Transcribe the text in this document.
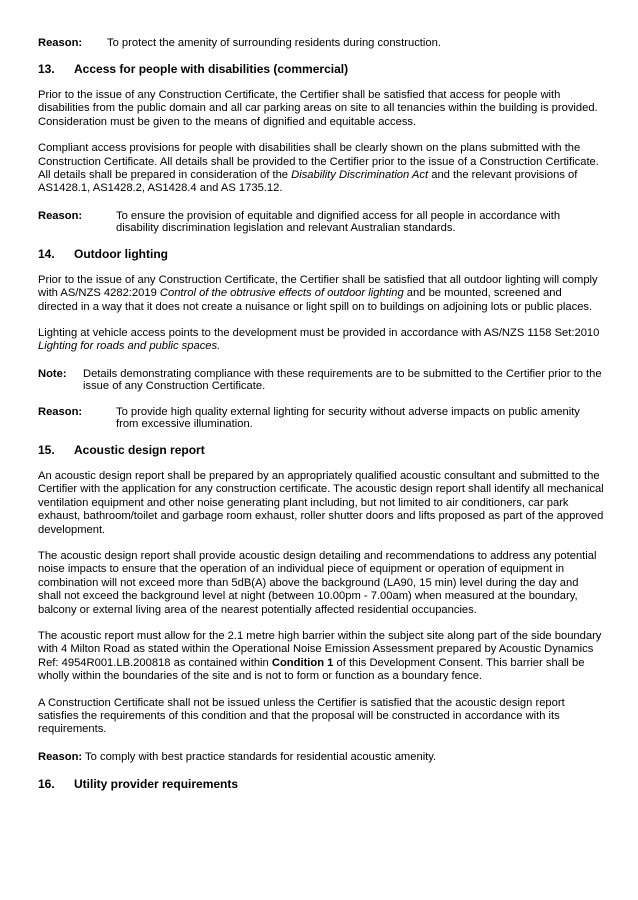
Reason:	To protect the amenity of surrounding residents during construction.
13.	Access for people with disabilities (commercial)

Prior to the issue of any Construction Certificate, the Certifier shall be satisfied that access for people with disabilities from the public domain and all car parking areas on site to all tenancies within the building is provided. Consideration must be given to the means of dignified and equitable access.

Compliant access provisions for people with disabilities shall be clearly shown on the plans submitted with the Construction Certificate. All details shall be provided to the Certifier prior to the issue of a Construction Certificate. All details shall be prepared in consideration of the Disability Discrimination Act and the relevant provisions of AS1428.1, AS1428.2, AS1428.4 and AS 1735.12.

Reason:	To ensure the provision of equitable and dignified access for all people in accordance with disability discrimination legislation and relevant Australian standards.
14.	Outdoor lighting

Prior to the issue of any Construction Certificate, the Certifier shall be satisfied that all outdoor lighting will comply with AS/NZS 4282:2019 Control of the obtrusive effects of outdoor lighting and be mounted, screened and directed in a way that it does not create a nuisance or light spill on to buildings on adjoining lots or public places.

Lighting at vehicle access points to the development must be provided in accordance with AS/NZS 1158 Set:2010 Lighting for roads and public spaces.

Note:	Details demonstrating compliance with these requirements are to be submitted to the Certifier prior to the issue of any Construction Certificate.
Reason:	To provide high quality external lighting for security without adverse impacts on public amenity from excessive illumination.
15.	Acoustic design report

An acoustic design report shall be prepared by an appropriately qualified acoustic consultant and submitted to the Certifier with the application for any construction certificate. The acoustic design report shall identify all mechanical ventilation equipment and other noise generating plant including, but not limited to air conditioners, car park exhaust, bathroom/toilet and garbage room exhaust, roller shutter doors and lifts proposed as part of the approved development.

The acoustic design report shall provide acoustic design detailing and recommendations to address any potential noise impacts to ensure that the operation of an individual piece of equipment or operation of equipment in combination will not exceed more than 5dB(A) above the background (LA90, 15 min) level during the day and shall not exceed the background level at night (between 10.00pm - 7.00am) when measured at the boundary, balcony or external living area of the nearest potentially affected residential occupancies.

The acoustic report must allow for the 2.1 metre high barrier within the subject site along part of the side boundary with 4 Milton Road as stated within the Operational Noise Emission Assessment prepared by Acoustic Dynamics Ref: 4954R001.LB.200818 as contained within Condition 1 of this Development Consent. This barrier shall be wholly within the boundaries of the site and is not to form or function as a boundary fence.

A Construction Certificate shall not be issued unless the Certifier is satisfied that the acoustic design report satisfies the requirements of this condition and that the proposal will be constructed in accordance with its requirements.

Reason: To comply with best practice standards for residential acoustic amenity.

16.	Utility provider requirements
